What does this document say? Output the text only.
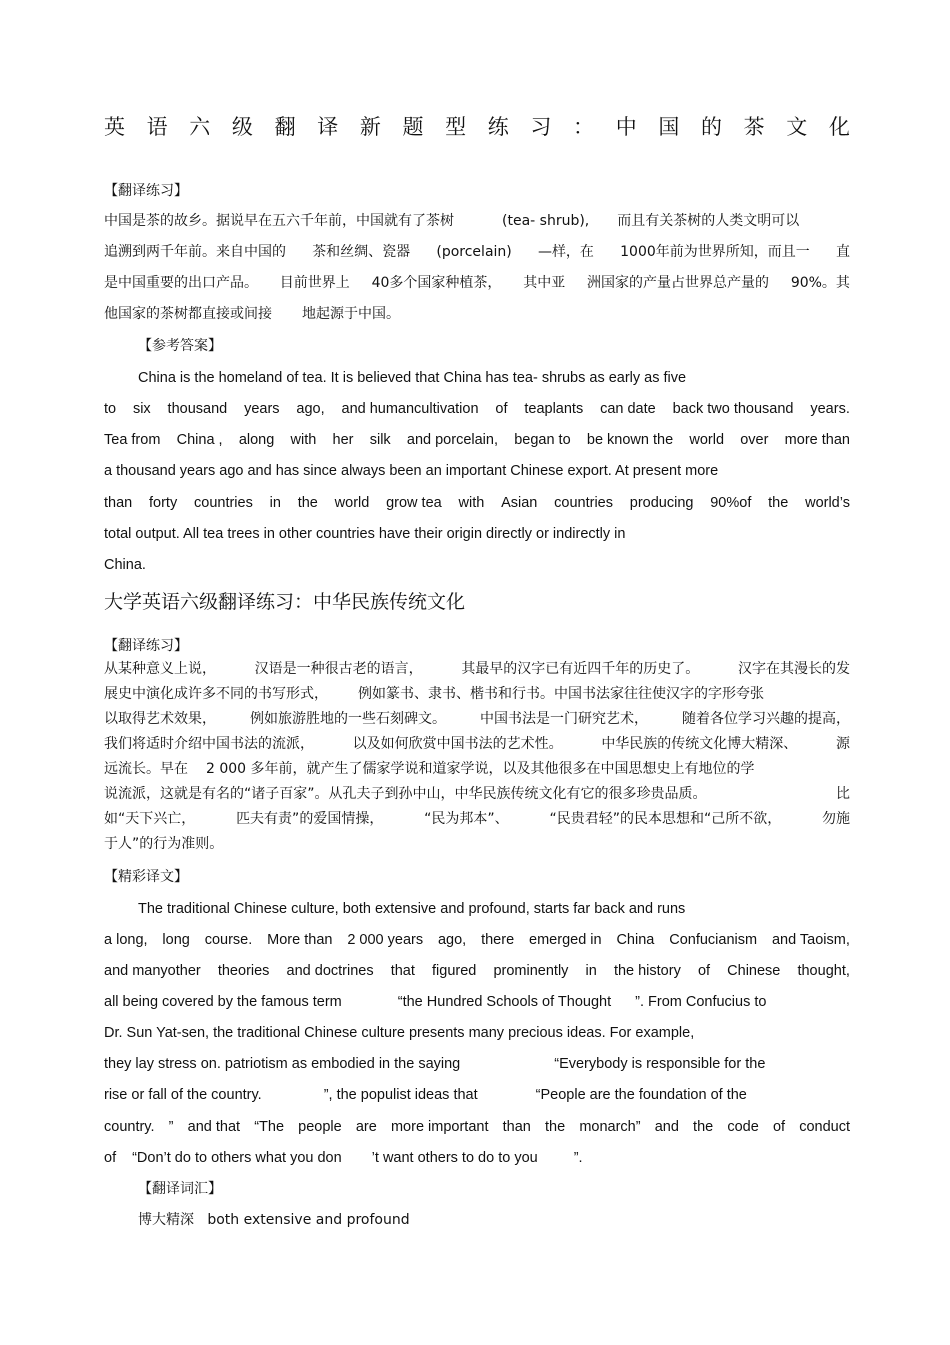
英 语 六 级 翻 译 新 题 型 练 习 ： 中 国 的 茶 文 化
【翻译练习】
中国是茶的故乡。据说早在五六千年前，中国就有了茶树	(tea- shrub), 而且有关茶树的人类文明可以
追溯到两千年前。来自中国的 茶和丝绸、瓷器 (porcelain) —样，在 1000年前为世界所知，而且一 直
是中国重要的出口产品。 目前世界上 40多个国家种植茶， 其中亚 洲国家的产量占世界总产量的 90%。其
他国家的茶树都直接或间接 地起源于中国。
【参考答案】
China is the homeland of tea. It is believed that China has tea- shrubs as early as five
to six thousand years ago, and humancultivation of teaplants can date back two thousand years.
Tea from China , along with her silk and porcelain, began to be known the world over more than
a thousand years ago and has since always been an important Chinese export. At present more
than forty countries in the world grow tea with Asian countries producing 90%of the world’s
total output. All tea trees in other countries have their origin directly or indirectly in
China.
大学英语六级翻译练习：中华民族传统文化
【翻译练习】
从某种意义上说，	汉语是一种很古老的语言，	其最早的汉字已有近四千年的历史了。	汉字在其漫长的发
展史中演化成许多不同的书写形式， 例如篆书、隶书、楷书和行书。中国书法家往往使汉字的字形夸张
以取得艺术效果， 例如旅游胜地的一些石刻碑文。 中国书法是一门研究艺术， 随着各位学习兴趣的提高，
我们将适时介绍中国书法的流派，	以及如何欣赏中国书法的艺术性。	中华民族的传统文化博大精深、	源
远流长。早在 2 000 多年前，就产生了儒家学说和道家学说，以及其他很多在中国思想史上有地位的学
说流派，这就是有名的“诸子百家”。从孔夫子到孙中山，中华民族传统文化有它的很多珍贵品质。	比
如“天下兴亡，	匹夫有责”的爱国情操，	“民为邦本”、	“民贵君轻”的民本思想和“己所不欲，	勿施
于人”的行为准则。
【精彩译文】
The traditional Chinese culture, both extensive and profound, starts far back and runs
a long, long course. More than 2 000 years ago, there emerged in China Confucianism and Taoism,
and manyother theories and doctrines that figured prominently in the history of Chinese thought,
all being covered by the famous term	“the Hundred Schools of Thought ”. From Confucius to
Dr. Sun Yat-sen, the traditional Chinese culture presents many precious ideas. For example,
they lay stress on. patriotism as embodied in the saying	“Everybody is responsible for the
rise or fall of the country.	”, the populist ideas that	“People are the foundation of the
country. ” and that “The people are more important than the monarch” and the code of conduct
of “Don’t do to others what you don ’t want others to do to you ”.
【翻译词汇】
博大精深   both extensive and profound
